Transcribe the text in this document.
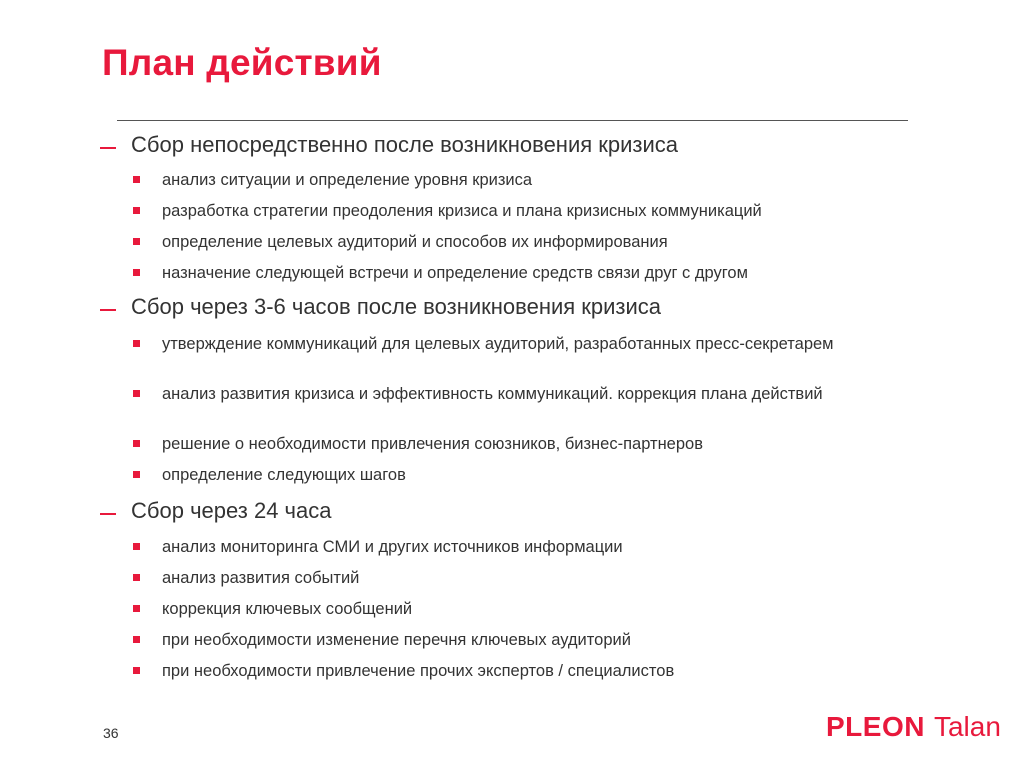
План действий
Сбор непосредственно после возникновения кризиса
анализ ситуации и определение уровня кризиса
разработка стратегии преодоления кризиса и плана кризисных коммуникаций
определение целевых аудиторий и способов их информирования
назначение следующей встречи и определение средств связи друг с другом
Сбор через 3-6 часов после возникновения кризиса
утверждение коммуникаций для целевых аудиторий, разработанных пресс-секретарем
анализ развития кризиса и эффективность коммуникаций. коррекция плана действий
решение о необходимости привлечения союзников, бизнес-партнеров
определение следующих шагов
Сбор через 24 часа
анализ мониторинга СМИ и других источников информации
анализ развития событий
коррекция ключевых сообщений
при необходимости изменение перечня ключевых аудиторий
при необходимости привлечение прочих экспертов / специалистов
36	PLEON Talan
